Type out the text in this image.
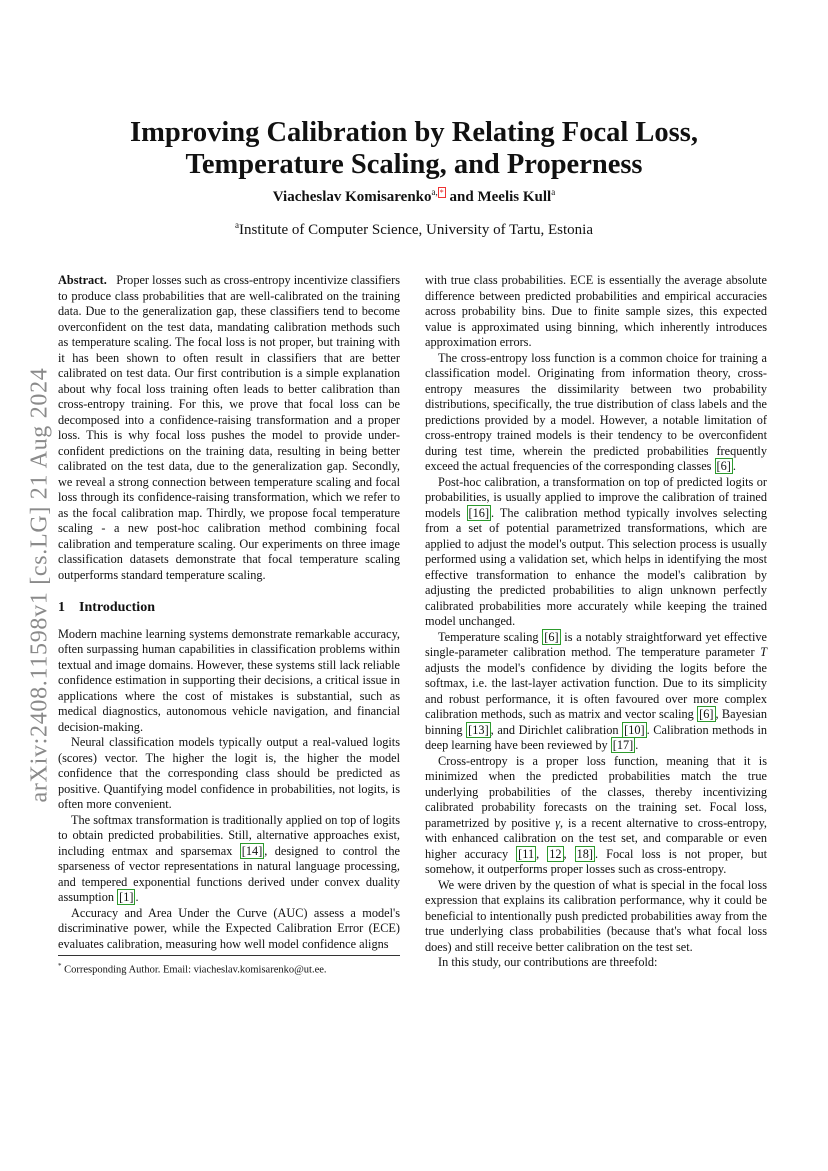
arXiv:2408.11598v1 [cs.LG] 21 Aug 2024
Improving Calibration by Relating Focal Loss, Temperature Scaling, and Properness
Viacheslav Komisarenko$^{a, *}$ and Meelis Kull$^a$
$^a$Institute of Computer Science, University of Tartu, Estonia

Abstract. Proper losses such as cross-entropy incentivize classifiers to produce class probabilities that are well-calibrated on the training data. Due to the generalization gap, these classifiers tend to become overconfident on the test data, mandating calibration methods such as temperature scaling. The focal loss is not proper, but training with it has been shown to often result in classifiers that are better calibrated on test data. Our first contribution is a simple explanation about why focal loss training often leads to better calibration than cross-entropy training. For this, we prove that focal loss can be decomposed into a confidence-raising transformation and a proper loss. This is why focal loss pushes the model to provide under-confident predictions on the training data, resulting in being better calibrated on the test data, due to the generalization gap. Secondly, we reveal a strong connection between temperature scaling and focal loss through its confidence-raising transformation, which we refer to as the focal calibration map. Thirdly, we propose focal temperature scaling - a new post-hoc calibration method combining focal calibration and temperature scaling. Our experiments on three image classification datasets demonstrate that focal temperature scaling outperforms standard temperature scaling.

1 Introduction

Modern machine learning systems demonstrate remarkable accuracy, often surpassing human capabilities in classification problems within textual and image domains. However, these systems still lack reliable confidence estimation in supporting their decisions, a critical issue in applications where the cost of mistakes is substantial, such as medical diagnostics, autonomous vehicle navigation, and financial decision-making.

Neural classification models typically output a real-valued logits (scores) vector. The higher the logit is, the higher the model confidence that the corresponding class should be predicted as positive. Quantifying model confidence in probabilities, not logits, is often more convenient.

The softmax transformation is traditionally applied on top of logits to obtain predicted probabilities. Still, alternative approaches exist, including entmax and sparsemax [14] , designed to control the sparseness of vector representations in natural language processing, and tempered exponential functions derived under convex duality assumption [1] .

Accuracy and Area Under the Curve (AUC) assess a model's discriminative power, while the Expected Calibration Error (ECE) evaluates calibration, measuring how well model confidence aligns

with true class probabilities. ECE is essentially the average absolute difference between predicted probabilities and empirical accuracies across probability bins. Due to finite sample sizes, this expected value is approximated using binning, which inherently introduces approximation errors.

The cross-entropy loss function is a common choice for training a classification model. Originating from information theory, cross-entropy measures the dissimilarity between two probability distributions, specifically, the true distribution of class labels and the predictions provided by a model. However, a notable limitation of cross-entropy trained models is their tendency to be overconfident during test time, wherein the predicted probabilities frequently exceed the actual frequencies of the corresponding classes [6] .

Post-hoc calibration, a transformation on top of predicted logits or probabilities, is usually applied to improve the calibration of trained models [16] . The calibration method typically involves selecting from a set of potential parametrized transformations, which are applied to adjust the model's output. This selection process is usually performed using a validation set, which helps in identifying the most effective transformation to enhance the model's calibration by adjusting the predicted probabilities to align unknown perfectly calibrated probabilities more accurately while keeping the trained model unchanged.

Temperature scaling [6] is a notably straightforward yet effective single-parameter calibration method. The temperature parameter T adjusts the model's confidence by dividing the logits before the softmax, i.e. the last-layer activation function. Due to its simplicity and robust performance, it is often favoured over more complex calibration methods, such as matrix and vector scaling [6] , Bayesian binning [13] , and Dirichlet calibration [10] . Calibration methods in deep learning have been reviewed by [17] .

Cross-entropy is a proper loss function, meaning that it is minimized when the predicted probabilities match the true underlying probabilities of the classes, thereby incentivizing calibrated probability forecasts on the training set. Focal loss, parametrized by positive γ, is a recent alternative to cross-entropy, with enhanced calibration on the test set, and comparable or even higher accuracy [11 , 12 , 18] . Focal loss is not proper, but somehow, it outperforms proper losses such as cross-entropy.

We were driven by the question of what is special in the focal loss expression that explains its calibration performance, why it could be beneficial to intentionally push predicted probabilities away from the true underlying class probabilities (because that's what focal loss does) and still receive better calibration on the test set.

In this study, our contributions are threefold:

* Corresponding Author. Email: viacheslav.komisarenko@ut.ee.
